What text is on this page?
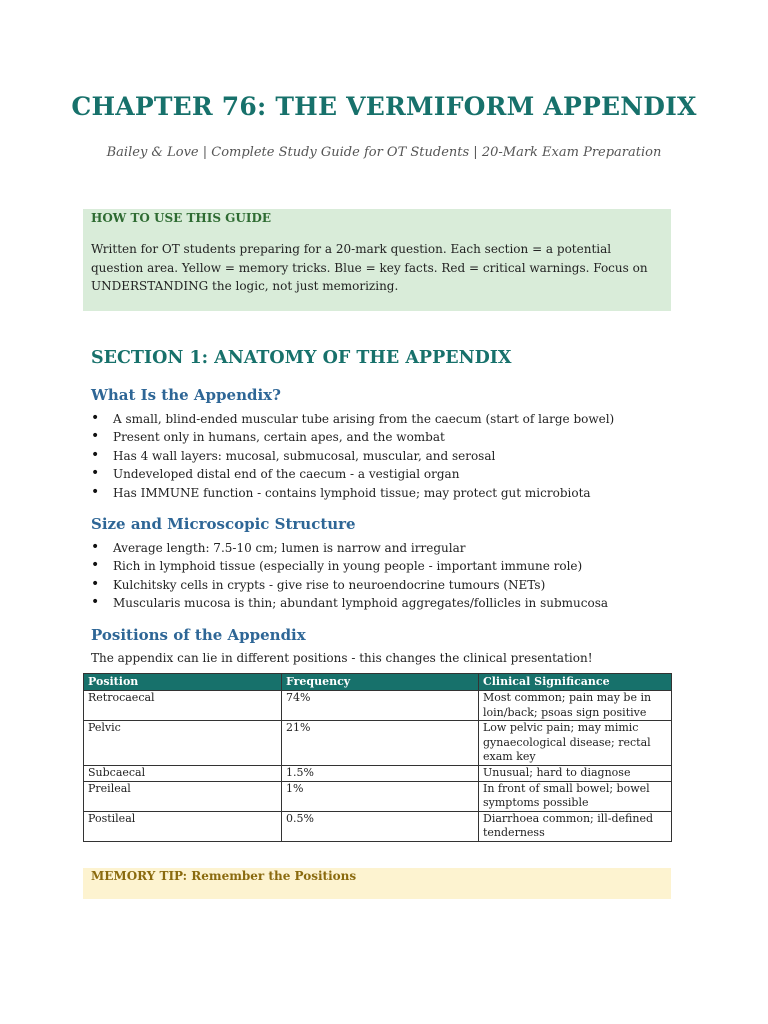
CHAPTER 76: THE VERMIFORM APPENDIX
Bailey & Love | Complete Study Guide for OT Students | 20-Mark Exam Preparation
HOW TO USE THIS GUIDE
Written for OT students preparing for a 20-mark question. Each section = a potential question area. Yellow = memory tricks. Blue = key facts. Red = critical warnings. Focus on UNDERSTANDING the logic, not just memorizing.
SECTION 1: ANATOMY OF THE APPENDIX
What Is the Appendix?
• A small, blind-ended muscular tube arising from the caecum (start of large bowel)
• Present only in humans, certain apes, and the wombat
• Has 4 wall layers: mucosal, submucosal, muscular, and serosal
• Undeveloped distal end of the caecum - a vestigial organ
• Has IMMUNE function - contains lymphoid tissue; may protect gut microbiota
Size and Microscopic Structure
• Average length: 7.5-10 cm; lumen is narrow and irregular
• Rich in lymphoid tissue (especially in young people - important immune role)
• Kulchitsky cells in crypts - give rise to neuroendocrine tumours (NETs)
• Muscularis mucosa is thin; abundant lymphoid aggregates/follicles in submucosa
Positions of the Appendix
The appendix can lie in different positions - this changes the clinical presentation!
Position	Frequency	Clinical Significance
Retrocaecal	74%	Most common; pain may be in loin/back; psoas sign positive
Pelvic	21%	Low pelvic pain; may mimic gynaecological disease; rectal exam key
Subcaecal	1.5%	Unusual; hard to diagnose
Preileal	1%	In front of small bowel; bowel symptoms possible
Postileal	0.5%	Diarrhoea common; ill-defined tenderness
MEMORY TIP: Remember the Positions
